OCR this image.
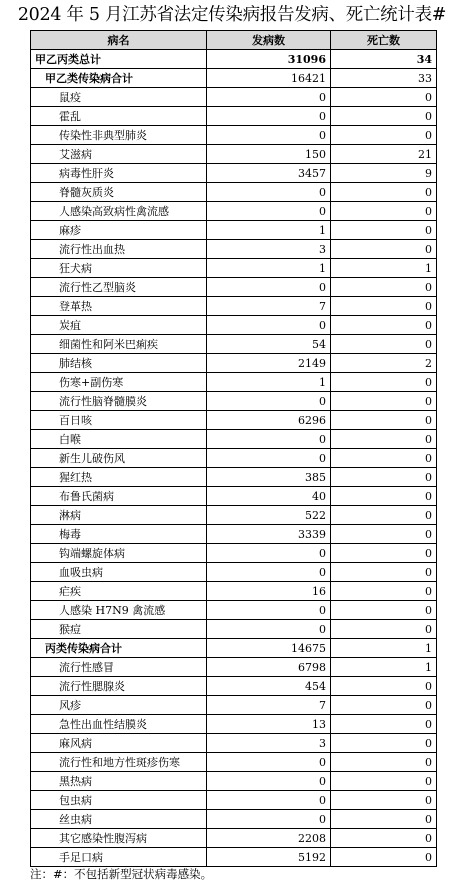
2024 年 5 月江苏省法定传染病报告发病、死亡统计表#
病名	发病数	死亡数
甲乙丙类总计	31096	34
甲乙类传染病合计	16421	33
鼠疫	0	0
霍乱	0	0
传染性非典型肺炎	0	0
艾滋病	150	21
病毒性肝炎	3457	9
脊髓灰质炎	0	0
人感染高致病性禽流感	0	0
麻疹	1	0
流行性出血热	3	0
狂犬病	1	1
流行性乙型脑炎	0	0
登革热	7	0
炭疽	0	0
细菌性和阿米巴痢疾	54	0
肺结核	2149	2
伤寒+副伤寒	1	0
流行性脑脊髓膜炎	0	0
百日咳	6296	0
白喉	0	0
新生儿破伤风	0	0
猩红热	385	0
布鲁氏菌病	40	0
淋病	522	0
梅毒	3339	0
钩端螺旋体病	0	0
血吸虫病	0	0
疟疾	16	0
人感染 H7N9 禽流感	0	0
猴痘	0	0
丙类传染病合计	14675	1
流行性感冒	6798	1
流行性腮腺炎	454	0
风疹	7	0
急性出血性结膜炎	13	0
麻风病	3	0
流行性和地方性斑疹伤寒	0	0
黑热病	0	0
包虫病	0	0
丝虫病	0	0
其它感染性腹泻病	2208	0
手足口病	5192	0
注：#：不包括新型冠状病毒感染。
